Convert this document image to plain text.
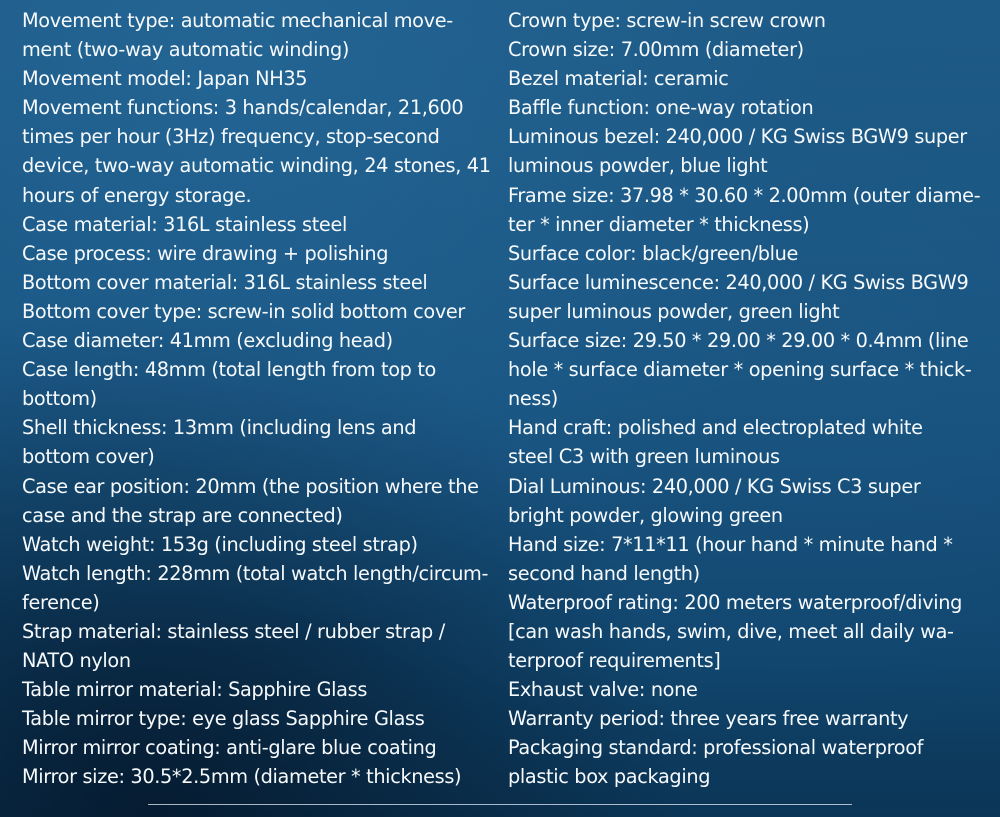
Movement type: automatic mechanical move-
ment (two-way automatic winding)
Movement model: Japan NH35
Movement functions: 3 hands/calendar, 21,600
times per hour (3Hz) frequency, stop-second
device, two-way automatic winding, 24 stones, 41
hours of energy storage.
Case material: 316L stainless steel
Case process: wire drawing + polishing
Bottom cover material: 316L stainless steel
Bottom cover type: screw-in solid bottom cover
Case diameter: 41mm (excluding head)
Case length: 48mm (total length from top to
bottom)
Shell thickness: 13mm (including lens and
bottom cover)
Case ear position: 20mm (the position where the
case and the strap are connected)
Watch weight: 153g (including steel strap)
Watch length: 228mm (total watch length/circum-
ference)
Strap material: stainless steel / rubber strap /
NATO nylon
Table mirror material: Sapphire Glass
Table mirror type: eye glass Sapphire Glass
Mirror mirror coating: anti-glare blue coating
Mirror size: 30.5*2.5mm (diameter * thickness)
Crown type: screw-in screw crown
Crown size: 7.00mm (diameter)
Bezel material: ceramic
Baffle function: one-way rotation
Luminous bezel: 240,000 / KG Swiss BGW9 super
luminous powder, blue light
Frame size: 37.98 * 30.60 * 2.00mm (outer diame-
ter * inner diameter * thickness)
Surface color: black/green/blue
Surface luminescence: 240,000 / KG Swiss BGW9
super luminous powder, green light
Surface size: 29.50 * 29.00 * 29.00 * 0.4mm (line
hole * surface diameter * opening surface * thick-
ness)
Hand craft: polished and electroplated white
steel C3 with green luminous
Dial Luminous: 240,000 / KG Swiss C3 super
bright powder, glowing green
Hand size: 7*11*11 (hour hand * minute hand *
second hand length)
Waterproof rating: 200 meters waterproof/diving
[can wash hands, swim, dive, meet all daily wa-
terproof requirements]
Exhaust valve: none
Warranty period: three years free warranty
Packaging standard: professional waterproof
plastic box packaging
